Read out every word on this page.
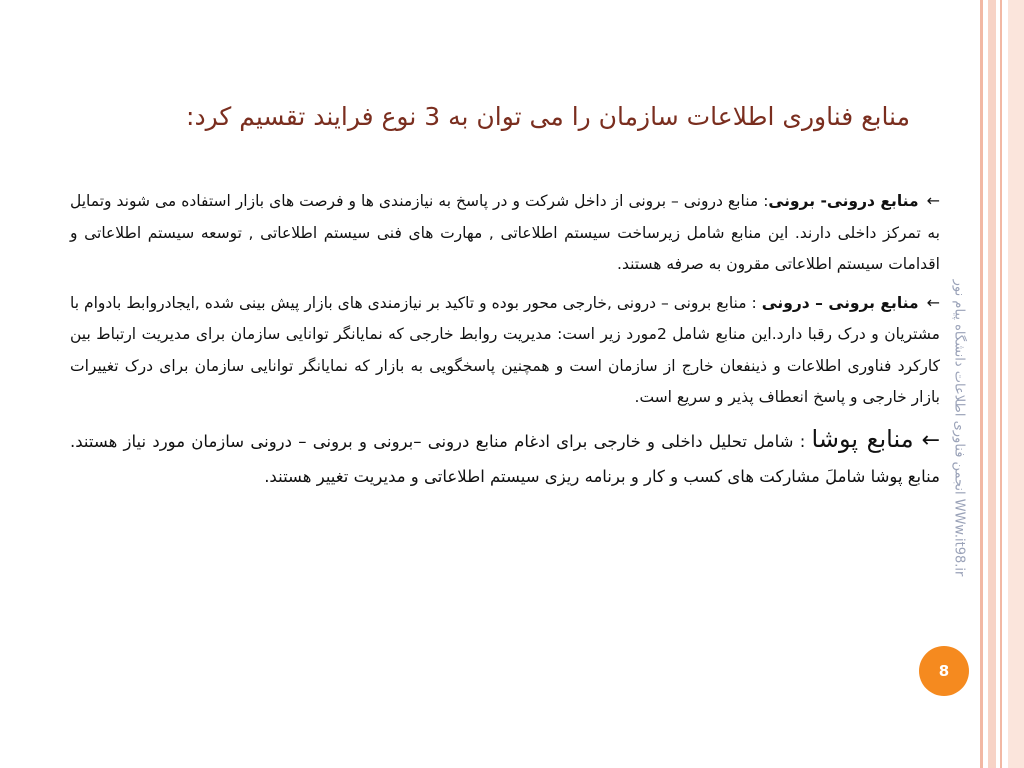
منابع فناوری اطلاعات سازمان را می توان به 3 نوع فرایند تقسیم کرد:

←منابع درونی- برونی: منابع درونی – برونی از داخل شرکت و در پاسخ به نیازمندی ها و فرصت های بازار استفاده می شوند وتمایل به تمرکز داخلی دارند. این منابع شامل زیرساخت سیستم اطلاعاتی , مهارت های فنی سیستم اطلاعاتی , توسعه سیستم اطلاعاتی و اقدامات سیستم اطلاعاتی مقرون به صرفه هستند.

←منابع برونی – درونی : منابع برونی – درونی ,خارجی محور بوده و تاکید بر نیازمندی های بازار پیش بینی شده ,ایجادروابط بادوام با مشتریان و درک رقبا دارد.این منابع شامل 2مورد زیر است: مدیریت روابط خارجی که نمایانگر توانایی سازمان برای مدیریت ارتباط بین کارکرد فناوری اطلاعات و ذینفعان خارج از سازمان است و همچنین پاسخگویی به بازار که نمایانگر توانایی سازمان برای درک تغییرات بازار خارجی و پاسخ انعطاف پذیر و سریع است.

←منابع پوشا : شامل تحلیل داخلی و خارجی برای ادغام منابع درونی –برونی و برونی – درونی سازمان مورد نیاز هستند. منابع پوشا شاملَ مشارکت های کسب و کار و برنامه ریزی سیستم اطلاعاتی و مدیریت تغییر هستند. WWw.it98.ir انجمن فناوری اطلاعات دانشگاه پیام نور
8
